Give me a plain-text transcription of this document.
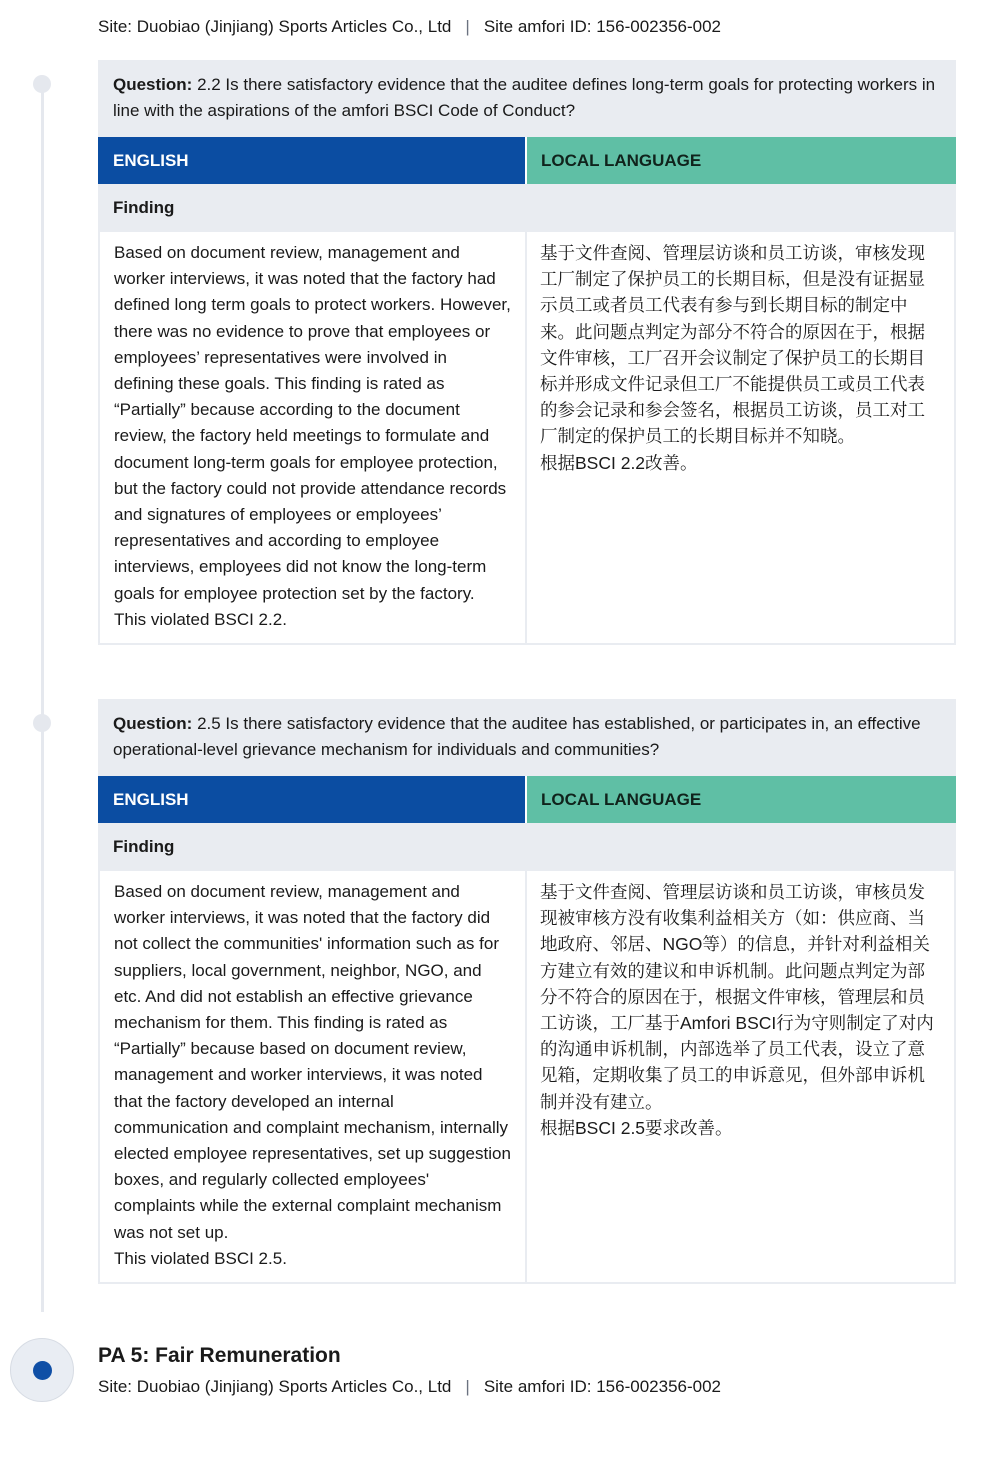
Site: Duobiao (Jinjiang) Sports Articles Co., Ltd | Site amfori ID: 156-002356-002
Question: 2.2 Is there satisfactory evidence that the auditee defines long-term goals for protecting workers in line with the aspirations of the amfori BSCI Code of Conduct?
ENGLISH	LOCAL LANGUAGE
Finding
Based on document review, management and worker interviews, it was noted that the factory had defined long term goals to protect workers. However, there was no evidence to prove that employees or employees’ representatives were involved in defining these goals. This finding is rated as “Partially” because according to the document review, the factory held meetings to formulate and document long-term goals for employee protection, but the factory could not provide attendance records and signatures of employees or employees’ representatives and according to employee interviews, employees did not know the long-term goals for employee protection set by the factory.
This violated BSCI 2.2.
基于文件查阅、管理层访谈和员工访谈，审核发现工厂制定了保护员工的长期目标，但是没有证据显示员工或者员工代表有参与到长期目标的制定中来。此问题点判定为部分不符合的原因在于，根据文件审核，工厂召开会议制定了保护员工的长期目标并形成文件记录但工厂不能提供员工或员工代表的参会记录和参会签名，根据员工访谈，员工对工厂制定的保护员工的长期目标并不知晓。
根据BSCI 2.2改善。
Question: 2.5 Is there satisfactory evidence that the auditee has established, or participates in, an effective operational-level grievance mechanism for individuals and communities?
ENGLISH	LOCAL LANGUAGE
Finding
Based on document review, management and worker interviews, it was noted that the factory did not collect the communities' information such as for suppliers, local government, neighbor, NGO, and etc. And did not establish an effective grievance mechanism for them. This finding is rated as “Partially” because based on document review, management and worker interviews, it was noted that the factory developed an internal communication and complaint mechanism, internally elected employee representatives, set up suggestion boxes, and regularly collected employees' complaints while the external complaint mechanism was not set up.
This violated BSCI 2.5.
基于文件查阅、管理层访谈和员工访谈，审核员发现被审核方没有收集利益相关方（如：供应商、当地政府、邻居、NGO等）的信息，并针对利益相关方建立有效的建议和申诉机制。此问题点判定为部分不符合的原因在于，根据文件审核，管理层和员工访谈，工厂基于Amfori BSCI行为守则制定了对内的沟通申诉机制，内部选举了员工代表，设立了意见箱，定期收集了员工的申诉意见，但外部申诉机制并没有建立。
根据BSCI 2.5要求改善。
PA 5: Fair Remuneration
Site: Duobiao (Jinjiang) Sports Articles Co., Ltd | Site amfori ID: 156-002356-002
